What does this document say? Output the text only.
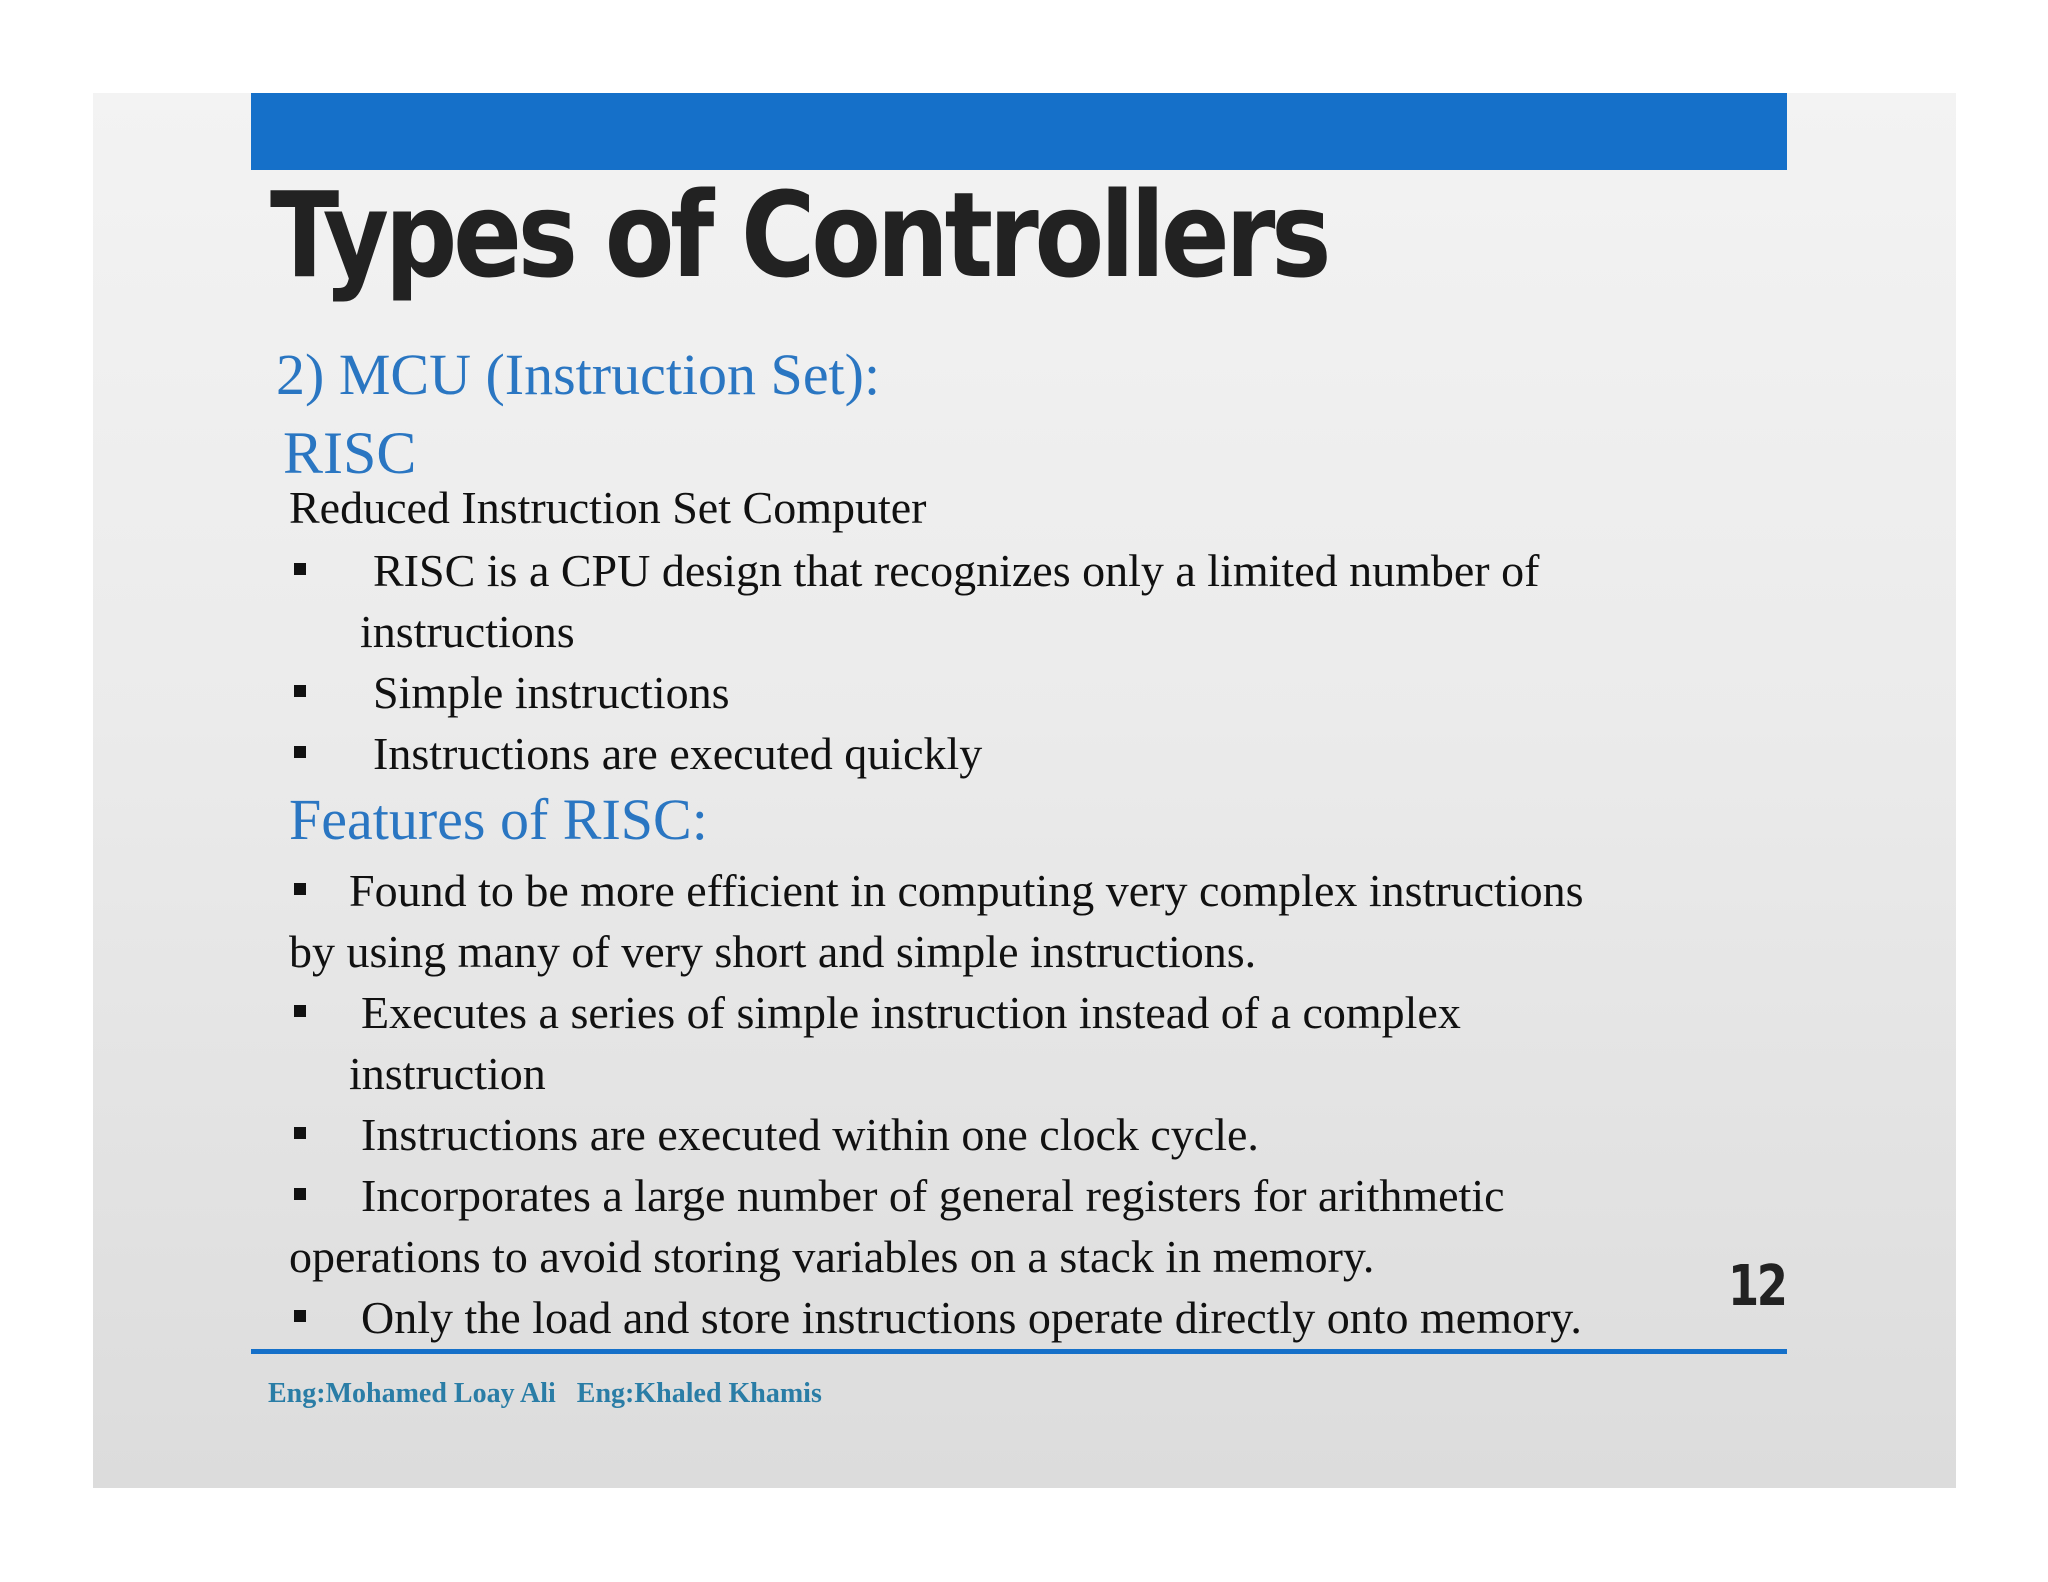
Types of Controllers
2) MCU (Instruction Set):
RISC

Reduced Instruction Set Computer

RISC is a CPU design that recognizes only a limited number of
instructions
Simple instructions
Instructions are executed quickly
Features of RISC:
Found to be more efficient in computing very complex instructions
by using many of very short and simple instructions.
Executes a series of simple instruction instead of a complex
instruction
Instructions are executed within one clock cycle.
Incorporates a large number of general registers for arithmetic
operations to avoid storing variables on a stack in memory.
Only the load and store instructions operate directly onto memory.	12

Eng:Mohamed Loay Ali   Eng:Khaled Khamis
